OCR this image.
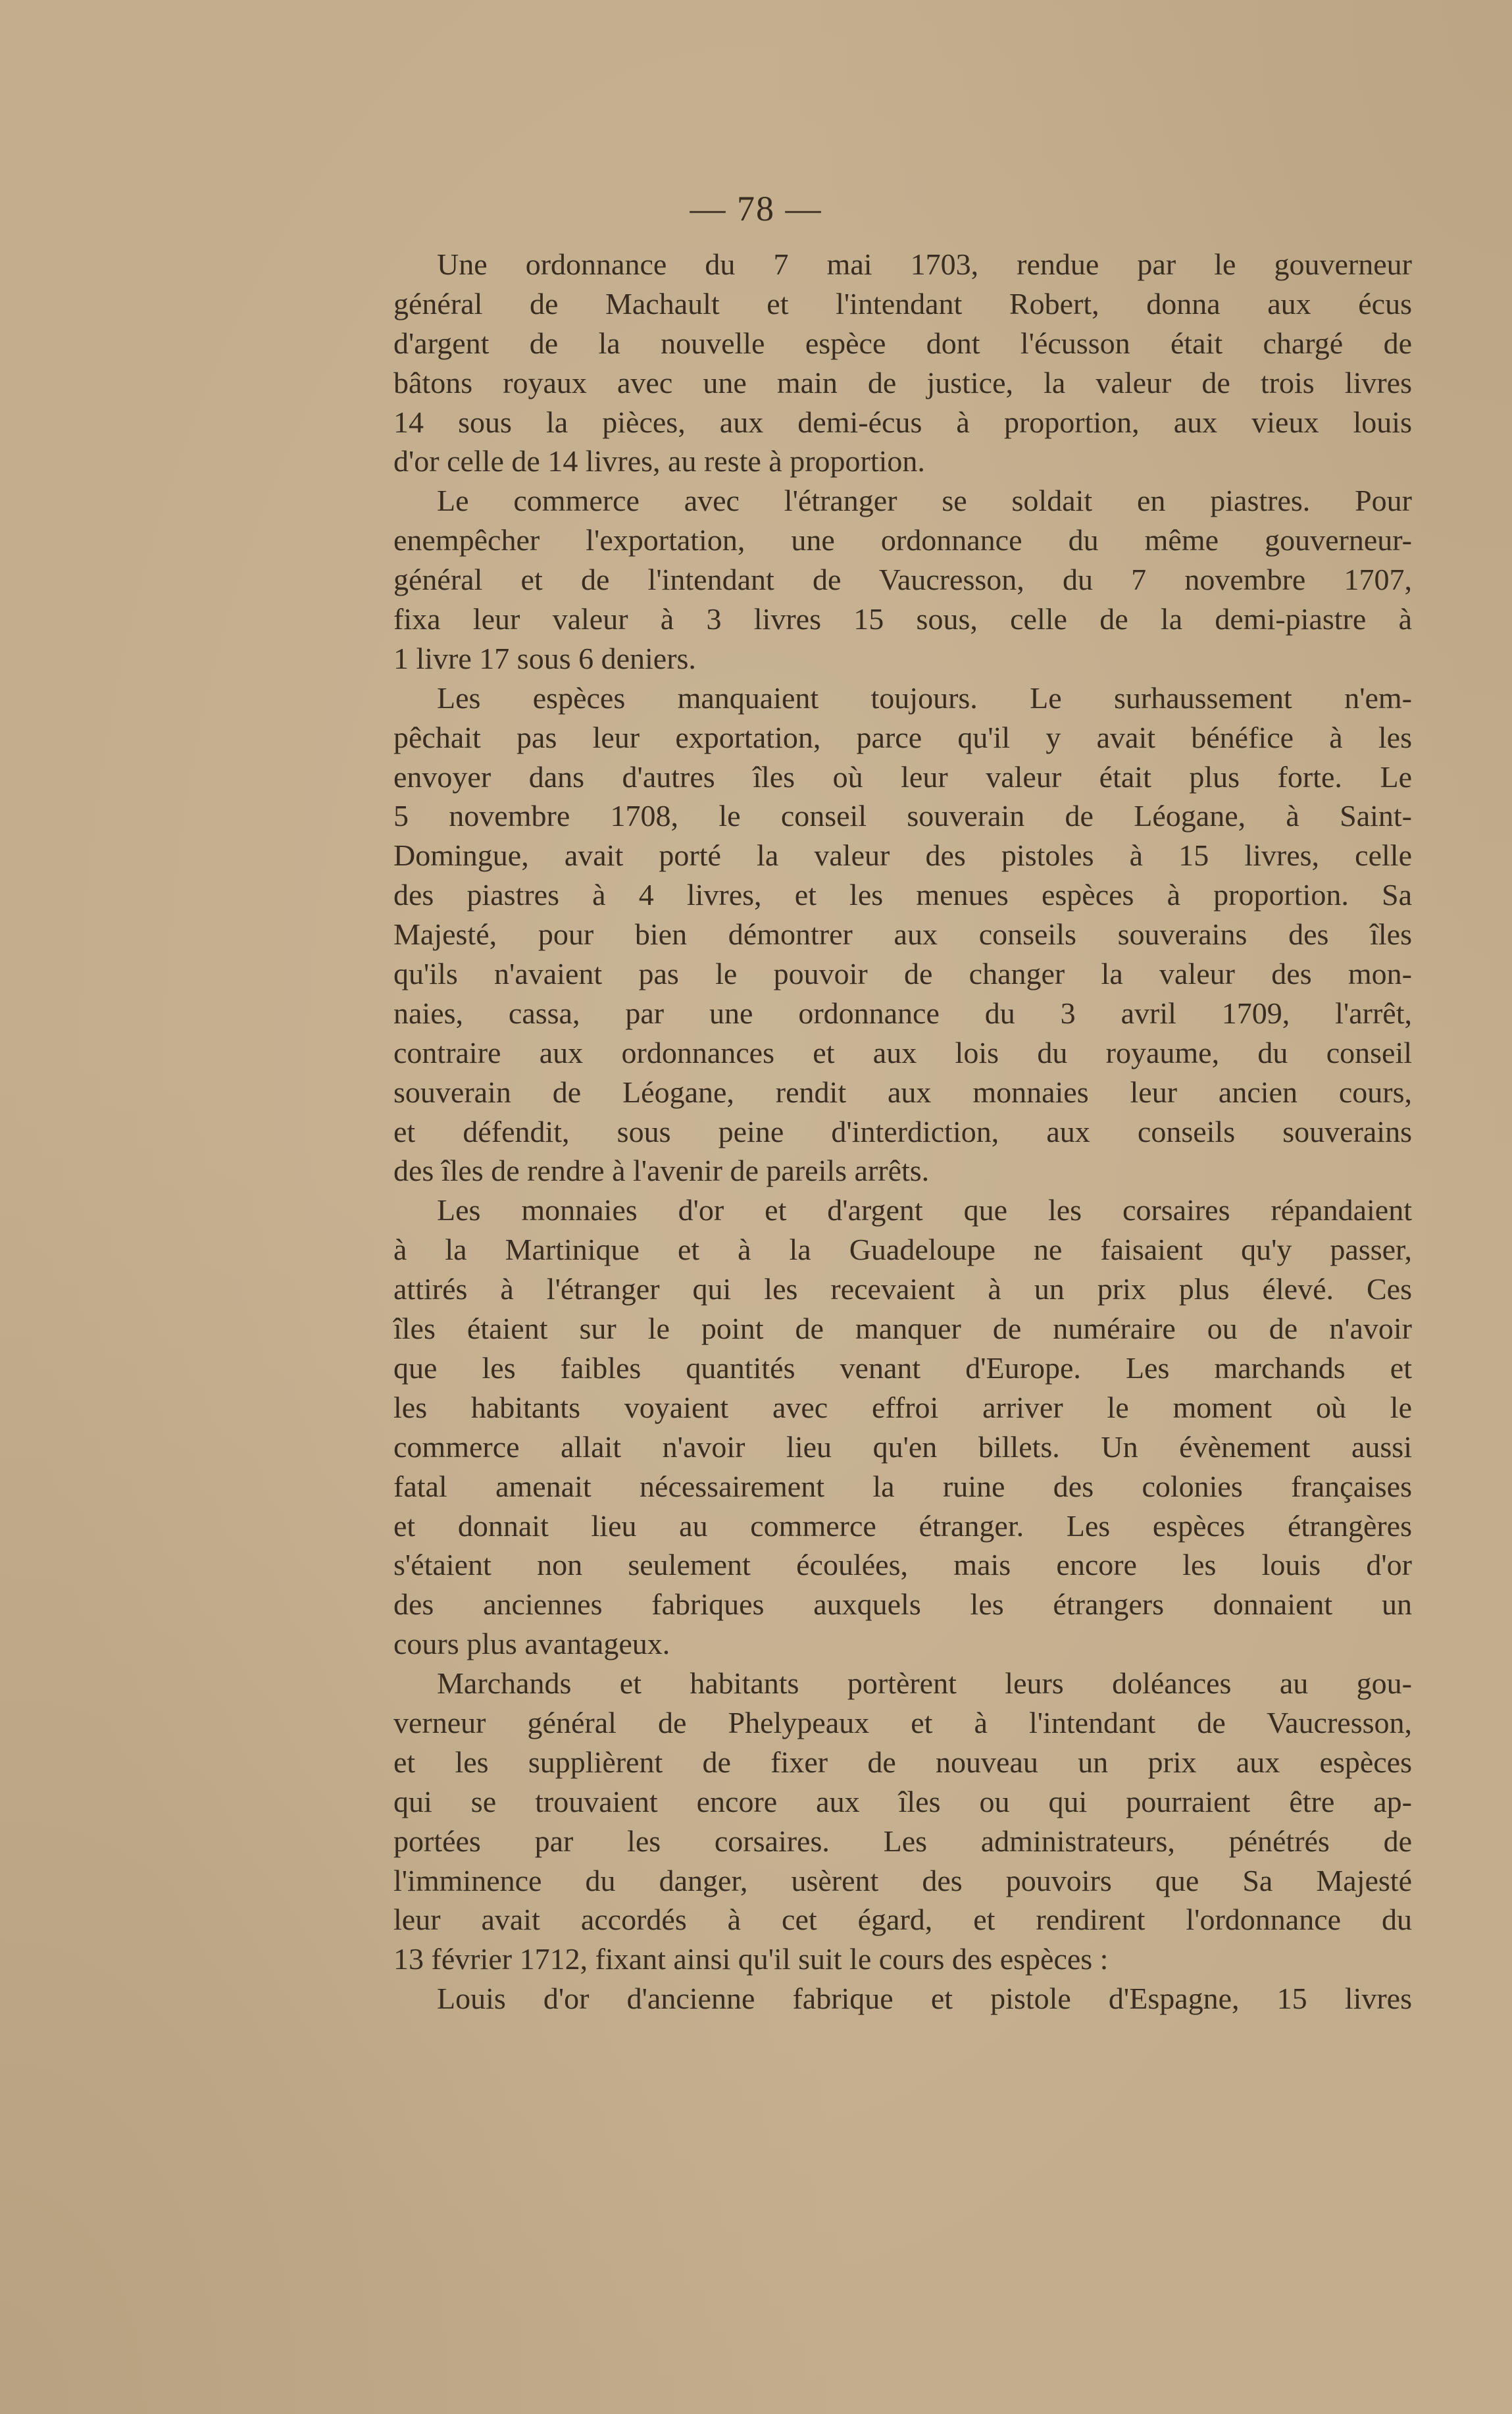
— 78 —
Une ordonnance du 7 mai 1703, rendue par le gouverneur
général de Machault et l'intendant Robert, donna aux écus
d'argent de la nouvelle espèce dont l'écusson était chargé de
bâtons royaux avec une main de justice, la valeur de trois livres
14 sous la pièces, aux demi-écus à proportion, aux vieux louis
d'or celle de 14 livres, au reste à proportion.
Le commerce avec l'étranger se soldait en piastres. Pour
enempêcher l'exportation, une ordonnance du même gouverneur-
général et de l'intendant de Vaucresson, du 7 novembre 1707,
fixa leur valeur à 3 livres 15 sous, celle de la demi-piastre à
1 livre 17 sous 6 deniers.
Les espèces manquaient toujours. Le surhaussement n'em-
pêchait pas leur exportation, parce qu'il y avait bénéfice à les
envoyer dans d'autres îles où leur valeur était plus forte. Le
5 novembre 1708, le conseil souverain de Léogane, à Saint-
Domingue, avait porté la valeur des pistoles à 15 livres, celle
des piastres à 4 livres, et les menues espèces à proportion. Sa
Majesté, pour bien démontrer aux conseils souverains des îles
qu'ils n'avaient pas le pouvoir de changer la valeur des mon-
naies, cassa, par une ordonnance du 3 avril 1709, l'arrêt,
contraire aux ordonnances et aux lois du royaume, du conseil
souverain de Léogane, rendit aux monnaies leur ancien cours,
et défendit, sous peine d'interdiction, aux conseils souverains
des îles de rendre à l'avenir de pareils arrêts.
Les monnaies d'or et d'argent que les corsaires répandaient
à la Martinique et à la Guadeloupe ne faisaient qu'y passer,
attirés à l'étranger qui les recevaient à un prix plus élevé. Ces
îles étaient sur le point de manquer de numéraire ou de n'avoir
que les faibles quantités venant d'Europe. Les marchands et
les habitants voyaient avec effroi arriver le moment où le
commerce allait n'avoir lieu qu'en billets. Un évènement aussi
fatal amenait nécessairement la ruine des colonies françaises
et donnait lieu au commerce étranger. Les espèces étrangères
s'étaient non seulement écoulées, mais encore les louis d'or
des anciennes fabriques auxquels les étrangers donnaient un
cours plus avantageux.
Marchands et habitants portèrent leurs doléances au gou-
verneur général de Phelypeaux et à l'intendant de Vaucresson,
et les supplièrent de fixer de nouveau un prix aux espèces
qui se trouvaient encore aux îles ou qui pourraient être ap-
portées par les corsaires. Les administrateurs, pénétrés de
l'imminence du danger, usèrent des pouvoirs que Sa Majesté
leur avait accordés à cet égard, et rendirent l'ordonnance du
13 février 1712, fixant ainsi qu'il suit le cours des espèces :
Louis d'or d'ancienne fabrique et pistole d'Espagne, 15 livres
